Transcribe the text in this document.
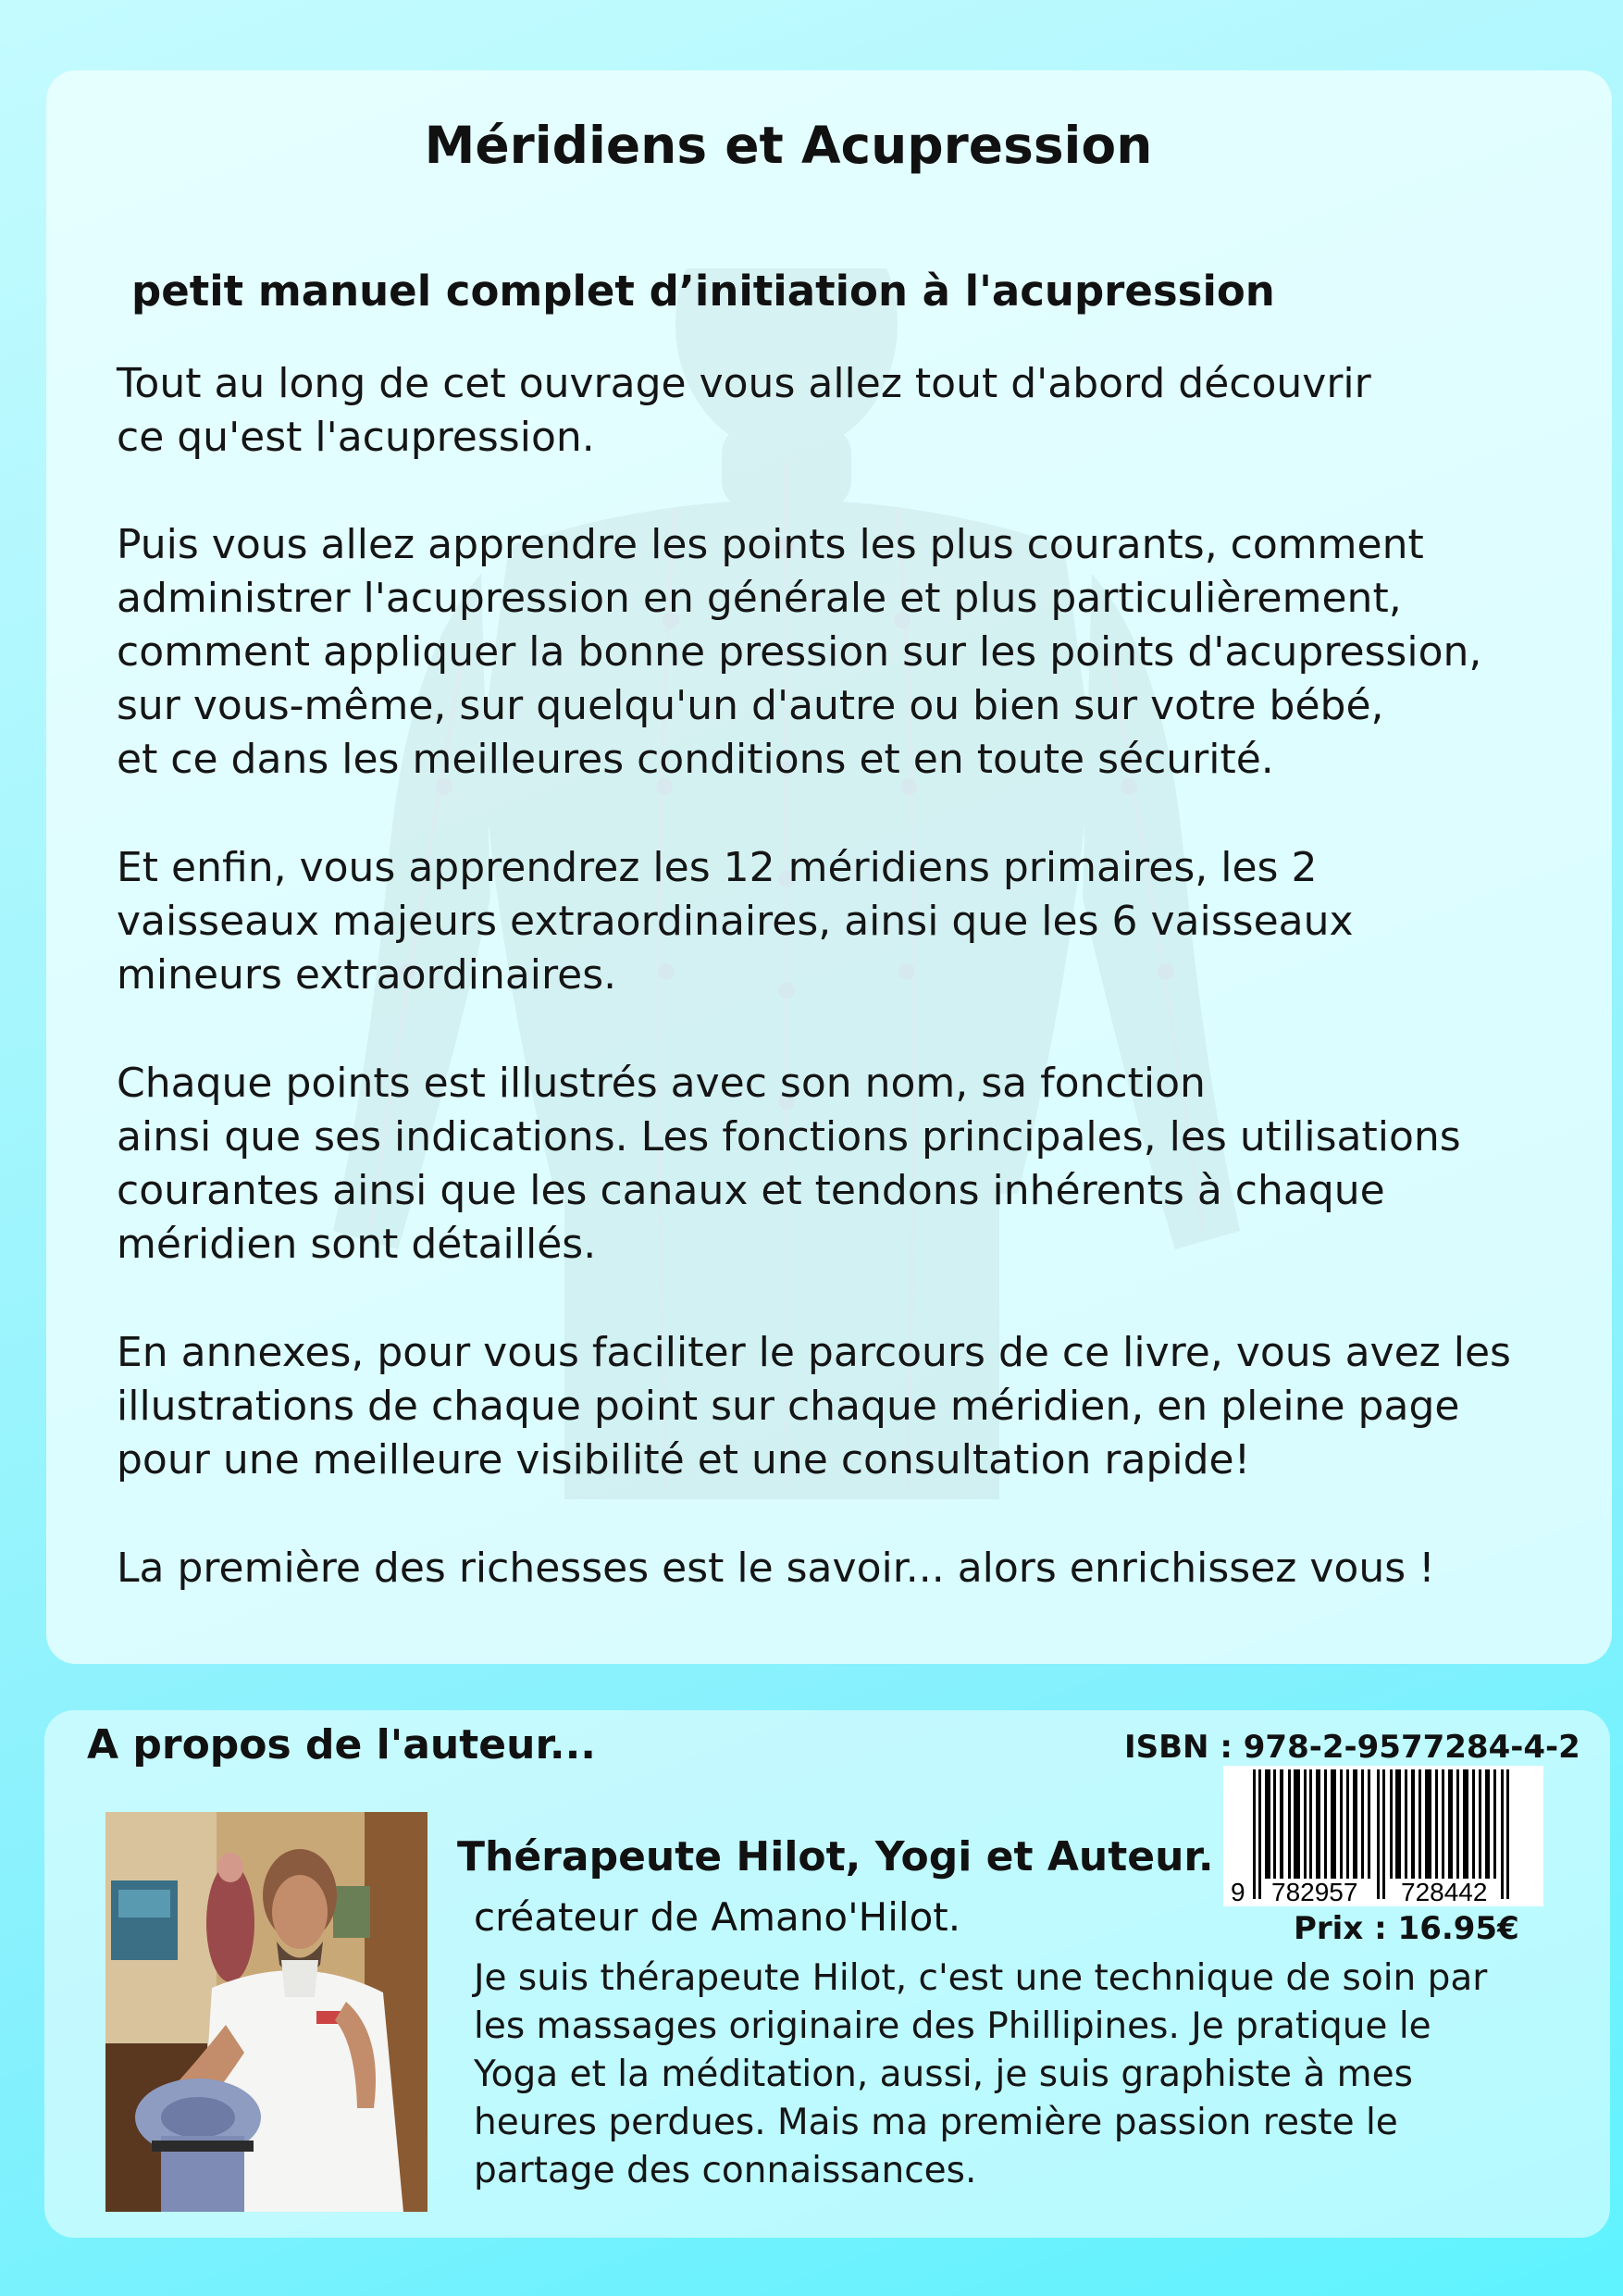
Méridiens et Acupression
petit manuel complet d’initiation à l'acupression
Tout au long de cet ouvrage vous allez tout d'abord découvrir
ce qu'est l'acupression.
Puis vous allez apprendre les points les plus courants, comment
administrer l'acupression en générale et plus particulièrement,
comment appliquer la bonne pression sur les points d'acupression,
sur vous-même, sur quelqu'un d'autre ou bien sur votre bébé,
et ce dans les meilleures conditions et en toute sécurité.
Et enfin, vous apprendrez les 12 méridiens primaires, les 2
vaisseaux majeurs extraordinaires, ainsi que les 6 vaisseaux
mineurs extraordinaires.
Chaque points est illustrés avec son nom, sa fonction
ainsi que ses indications. Les fonctions principales, les utilisations
courantes ainsi que les canaux et tendons inhérents à chaque
méridien sont détaillés.
En annexes, pour vous faciliter le parcours de ce livre, vous avez les
illustrations de chaque point sur chaque méridien, en pleine page
pour une meilleure visibilité et une consultation rapide!
La première des richesses est le savoir... alors enrichissez vous !
A propos de l'auteur...	ISBN : 978-2-9577284-4-2
9 782957 728442
Prix : 16.95€
Thérapeute Hilot, Yogi et Auteur.
créateur de Amano'Hilot.
Je suis thérapeute Hilot, c'est une technique de soin par
les massages originaire des Phillipines. Je pratique le
Yoga et la méditation, aussi, je suis graphiste à mes
heures perdues. Mais ma première passion reste le
partage des connaissances.
